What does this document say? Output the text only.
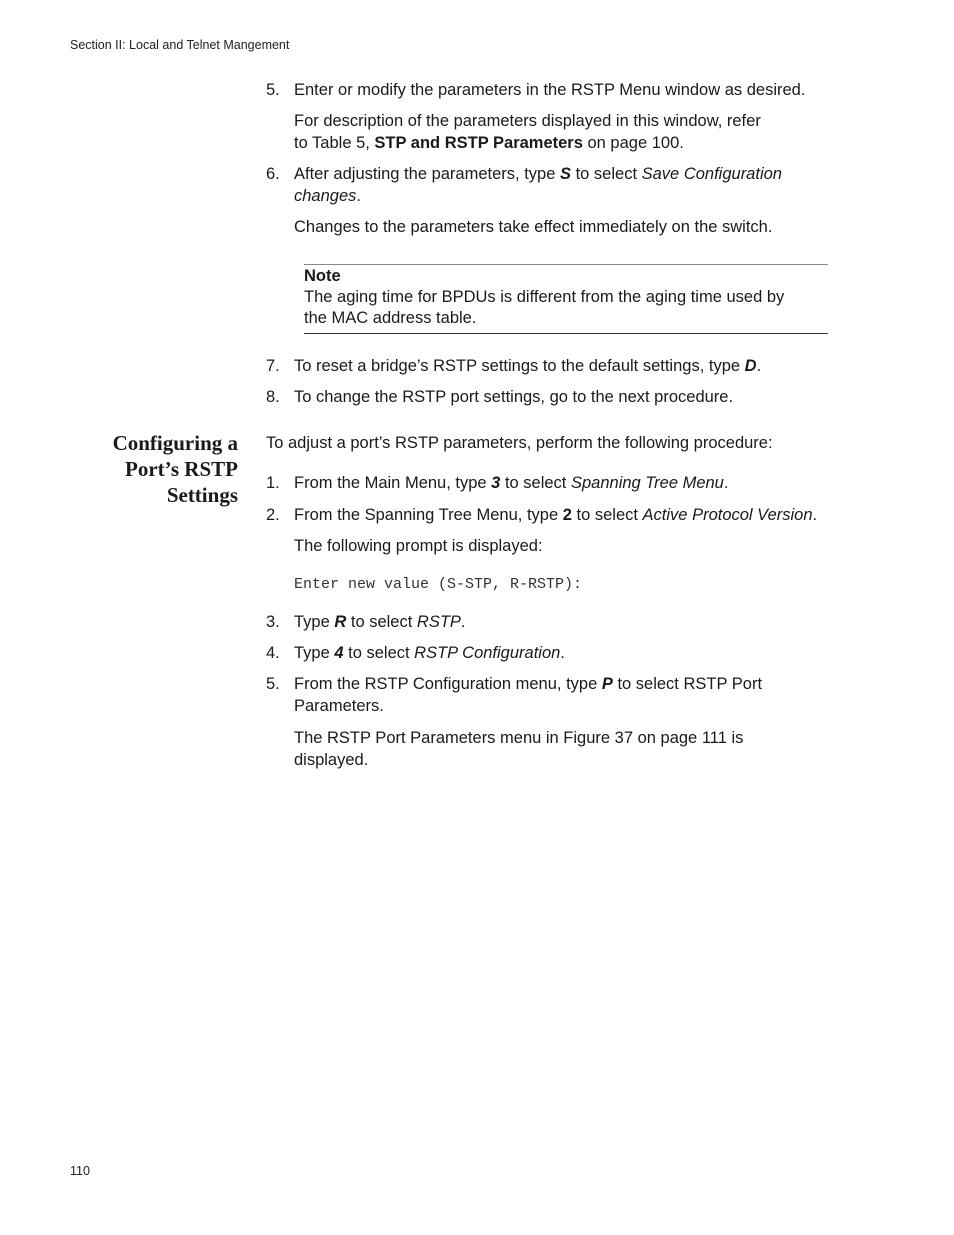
Section II: Local and Telnet Mangement
Configuring a
Port’s RSTP
Settings
5. Enter or modify the parameters in the RSTP Menu window as desired.
For description of the parameters displayed in this window, refer
to Table 5, STP and RSTP Parameters on page 100.
6. After adjusting the parameters, type S to select Save Configuration
changes.
Changes to the parameters take effect immediately on the switch.
Note
The aging time for BPDUs is different from the aging time used by
the MAC address table.
7. To reset a bridge’s RSTP settings to the default settings, type D.
8. To change the RSTP port settings, go to the next procedure.
To adjust a port’s RSTP parameters, perform the following procedure:
1. From the Main Menu, type 3 to select Spanning Tree Menu.
2. From the Spanning Tree Menu, type 2 to select Active Protocol Version.
The following prompt is displayed:
Enter new value (S-STP, R-RSTP):
3. Type R to select RSTP.
4. Type 4 to select RSTP Configuration.
5. From the RSTP Configuration menu, type P to select RSTP Port
Parameters.
The RSTP Port Parameters menu in Figure 37 on page 111 is
displayed.
110
